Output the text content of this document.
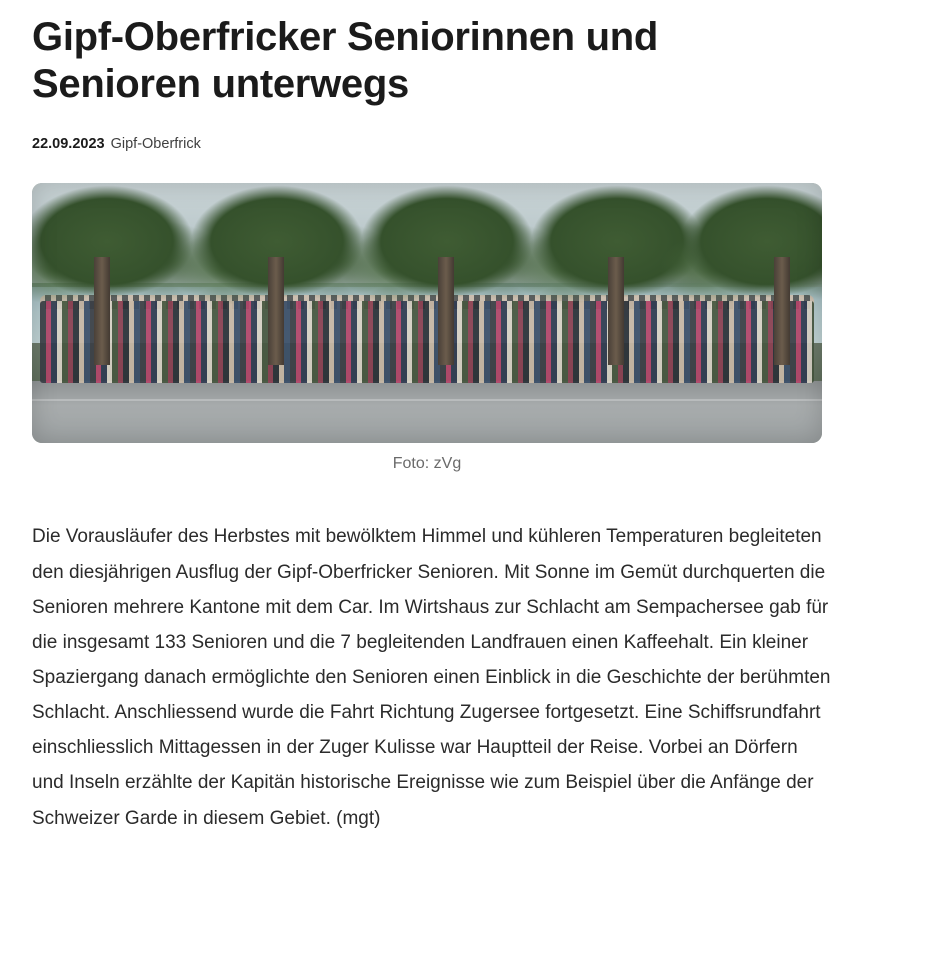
Gipf-Oberfricker Seniorinnen und Senioren unterwegs
22.09.2023 Gipf-Oberfrick
Foto: zVg

Die Vorausläufer des Herbstes mit bewölktem Himmel und kühleren Temperaturen begleiteten den diesjährigen Ausflug der Gipf-Oberfricker Senioren. Mit Sonne im Gemüt durchquerten die Senioren mehrere Kantone mit dem Car. Im Wirtshaus zur Schlacht am Sempachersee gab für die insgesamt 133 Senioren und die 7 begleitenden Landfrauen einen Kaffeehalt. Ein kleiner Spaziergang danach ermöglichte den Senioren einen Einblick in die Geschichte der berühmten Schlacht. Anschliessend wurde die Fahrt Richtung Zugersee fortgesetzt. Eine Schiffsrundfahrt einschliesslich Mittagessen in der Zuger Kulisse war Hauptteil der Reise. Vorbei an Dörfern und Inseln erzählte der Kapitän historische Ereignisse wie zum Beispiel über die Anfänge der Schweizer Garde in diesem Gebiet. (mgt)
